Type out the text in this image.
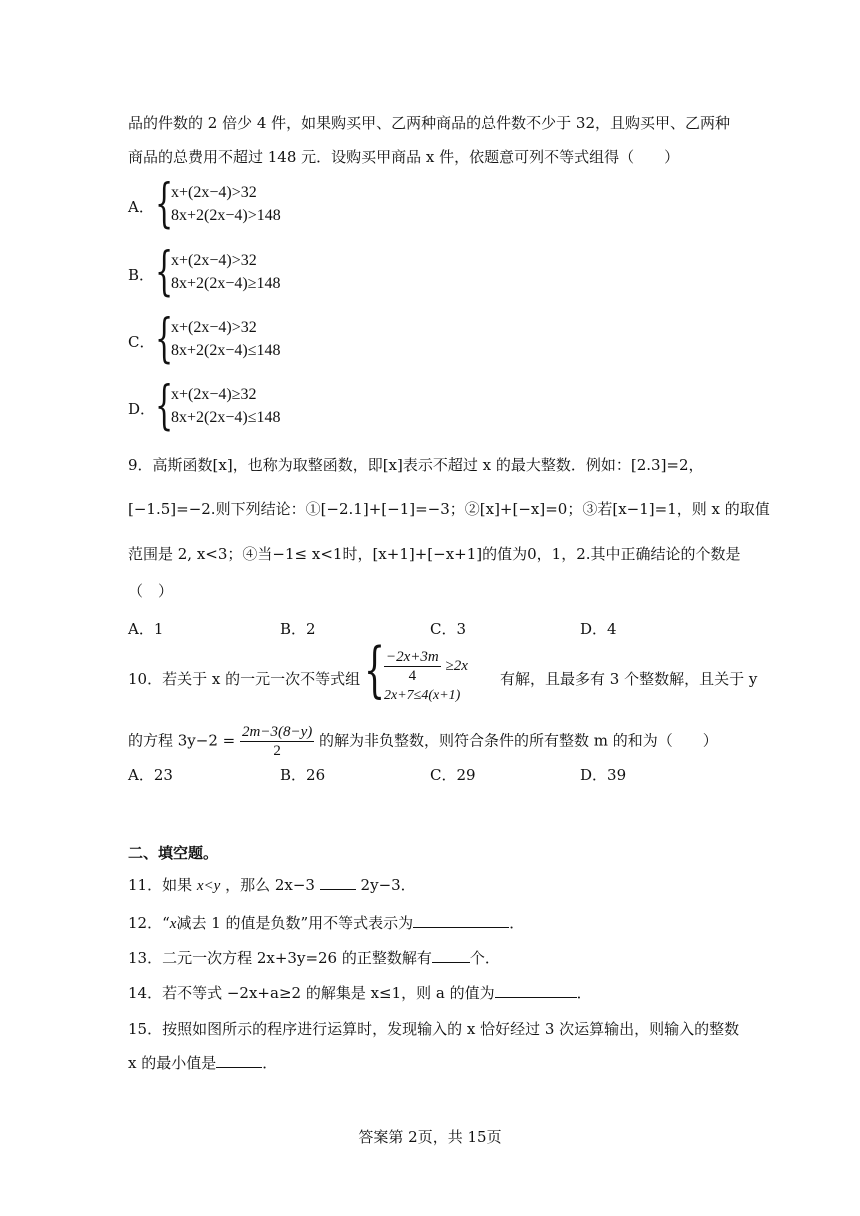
品的件数的 2 倍少 4 件，如果购买甲、乙两种商品的总件数不少于 32，且购买甲、乙两种
商品的总费用不超过 148 元．设购买甲商品 x 件，依题意可列不等式组得（　　）
A． {
x+(2x−4)>32
8x+2(2x−4)>148
B． {
x+(2x−4)>32
8x+2(2x−4)≥148
C． {
x+(2x−4)>32
8x+2(2x−4)≤148
D． {
x+(2x−4)≥32
8x+2(2x−4)≤148
9．高斯函数[x]，也称为取整函数，即[x]表示不超过 x 的最大整数．例如：[2.3]=2，
[−1.5]=−2.则下列结论：①[−2.1]+[−1]=−3；②[x]+[−x]=0；③若[x−1]=1，则 x 的取值
范围是 2, x<3；④当−1≤ x<1时，[x+1]+[−x+1]的值为0，1，2.其中正确结论的个数是
（　）
A．1	B．2	C．3	D．4
10．若关于 x 的一元一次不等式组 {
$\frac{-2x+3m}{4} \ge 2x$
2x+7≤4(x+1)
有解，且最多有 3 个整数解，且关于 y
的方程 $3y-2 = \frac{2m-3(8-y)}{2}$ 的解为非负整数，则符合条件的所有整数 m 的和为（　　）
A．23	B．26	C．29	D．39
二、填空题。
11．如果 x<y ，那么 2x−3	2y−3．
12．“x减去 1 的值是负数”用不等式表示为	．
13．二元一次方程 2x+3y=26 的正整数解有	个．
14．若不等式 −2x+a≥2 的解集是 x≤1，则 a 的值为	．
15．按照如图所示的程序进行运算时，发现输入的 x 恰好经过 3 次运算输出，则输入的整数
x 的最小值是	．
答案第 2页，共 15页
